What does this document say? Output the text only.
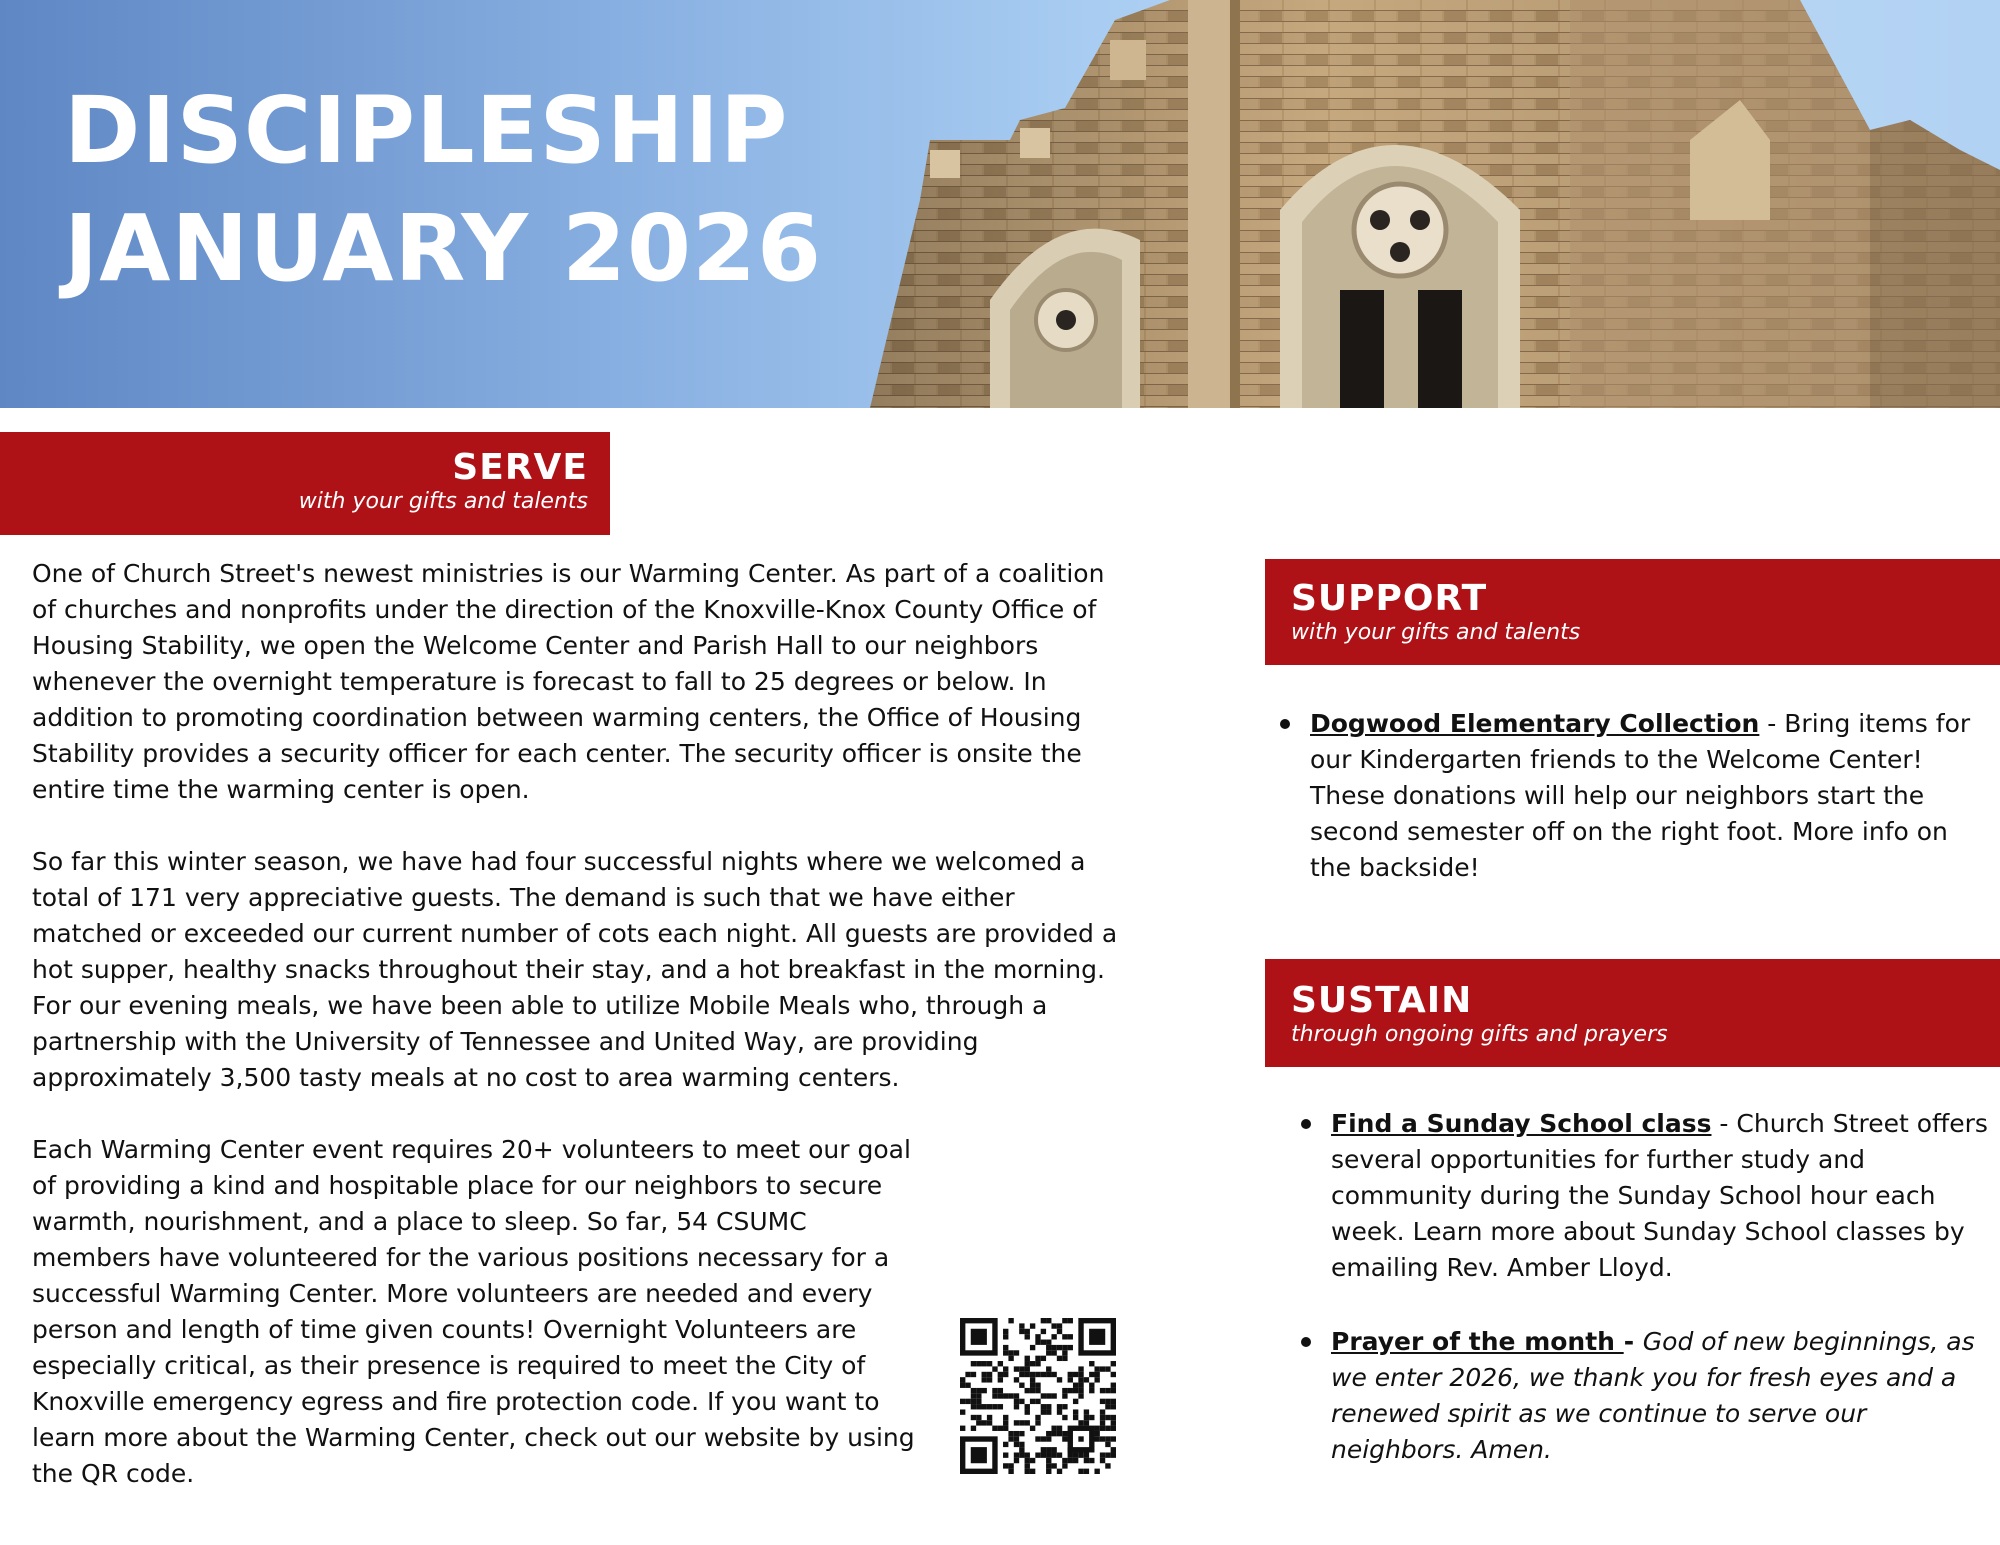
DISCIPLESHIP
JANUARY 2026
SERVE
with your gifts and talents

One of Church Street's newest ministries is our Warming Center. As part of a coalition of churches and nonprofits under the direction of the Knoxville-Knox County Office of Housing Stability, we open the Welcome Center and Parish Hall to our neighbors whenever the overnight temperature is forecast to fall to 25 degrees or below. In addition to promoting coordination between warming centers, the Office of Housing Stability provides a security officer for each center. The security officer is onsite the entire time the warming center is open.

So far this winter season, we have had four successful nights where we welcomed a total of 171 very appreciative guests. The demand is such that we have either matched or exceeded our current number of cots each night. All guests are provided a hot supper, healthy snacks throughout their stay, and a hot breakfast in the morning. For our evening meals, we have been able to utilize Mobile Meals who, through a partnership with the University of Tennessee and United Way, are providing approximately 3,500 tasty meals at no cost to area warming centers.

Each Warming Center event requires 20+ volunteers to meet our goal of providing a kind and hospitable place for our neighbors to secure warmth, nourishment, and a place to sleep. So far, 54 CSUMC members have volunteered for the various positions necessary for a successful Warming Center. More volunteers are needed and every person and length of time given counts! Overnight Volunteers are especially critical, as their presence is required to meet the City of Knoxville emergency egress and fire protection code. If you want to learn more about the Warming Center, check out our website by using the QR code.

SUPPORT
with your gifts and talents
Dogwood Elementary Collection - Bring items for our Kindergarten friends to the Welcome Center! These donations will help our neighbors start the second semester off on the right foot. More info on the backside!
SUSTAIN
through ongoing gifts and prayers
Find a Sunday School class - Church Street offers several opportunities for further study and community during the Sunday School hour each week. Learn more about Sunday School classes by emailing Rev. Amber Lloyd.
Prayer of the month - God of new beginnings, as we enter 2026, we thank you for fresh eyes and a renewed spirit as we continue to serve our neighbors. Amen.
